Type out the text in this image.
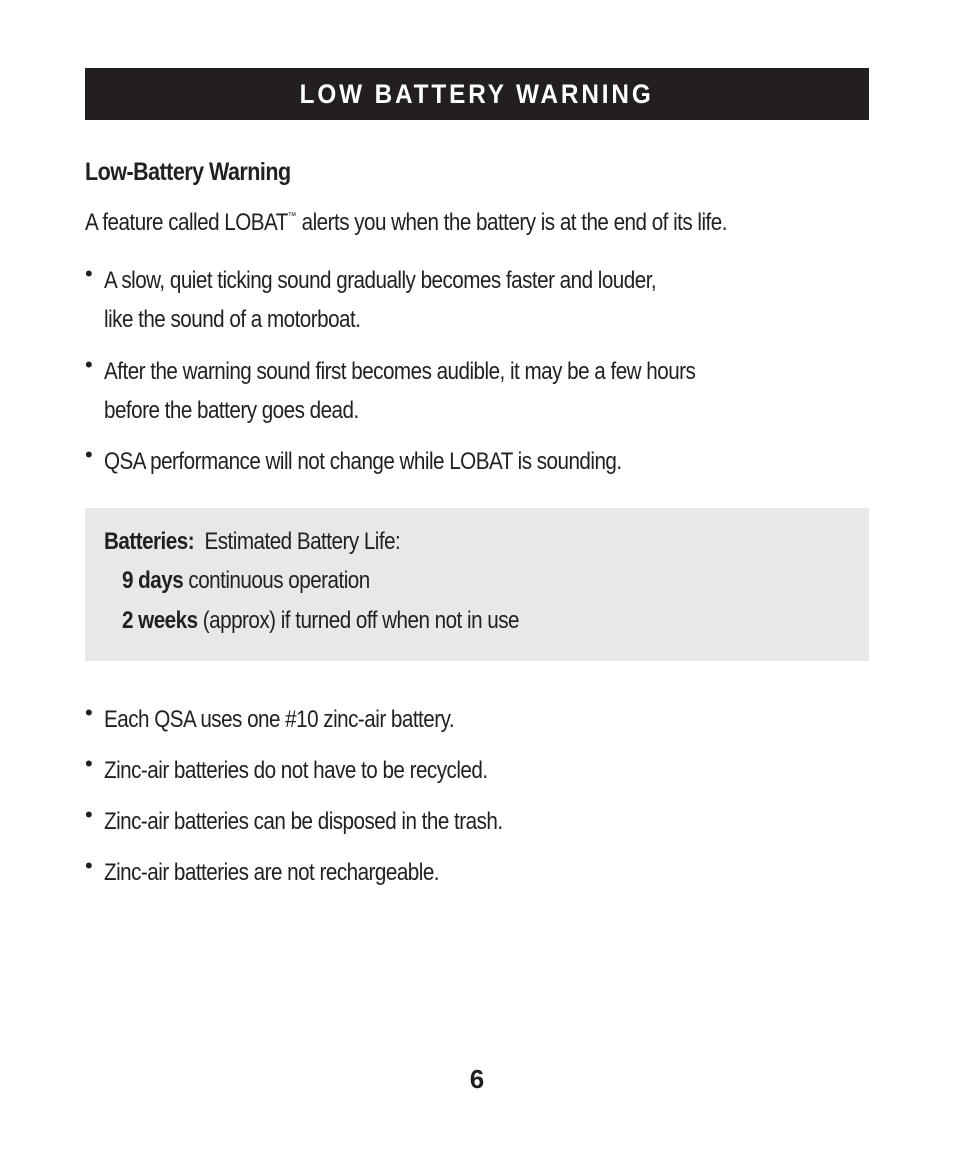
LOW BATTERY WARNING
Low-Battery Warning
A feature called LOBAT™ alerts you when the battery is at the end of its life.
• A slow, quiet ticking sound gradually becomes faster and louder,
like the sound of a motorboat.
• After the warning sound first becomes audible, it may be a few hours
before the battery goes dead.
• QSA performance will not change while LOBAT is sounding.
Batteries: Estimated Battery Life:
9 days continuous operation
2 weeks (approx) if turned off when not in use
• Each QSA uses one #10 zinc-air battery.
• Zinc-air batteries do not have to be recycled.
• Zinc-air batteries can be disposed in the trash.
• Zinc-air batteries are not rechargeable.
6
